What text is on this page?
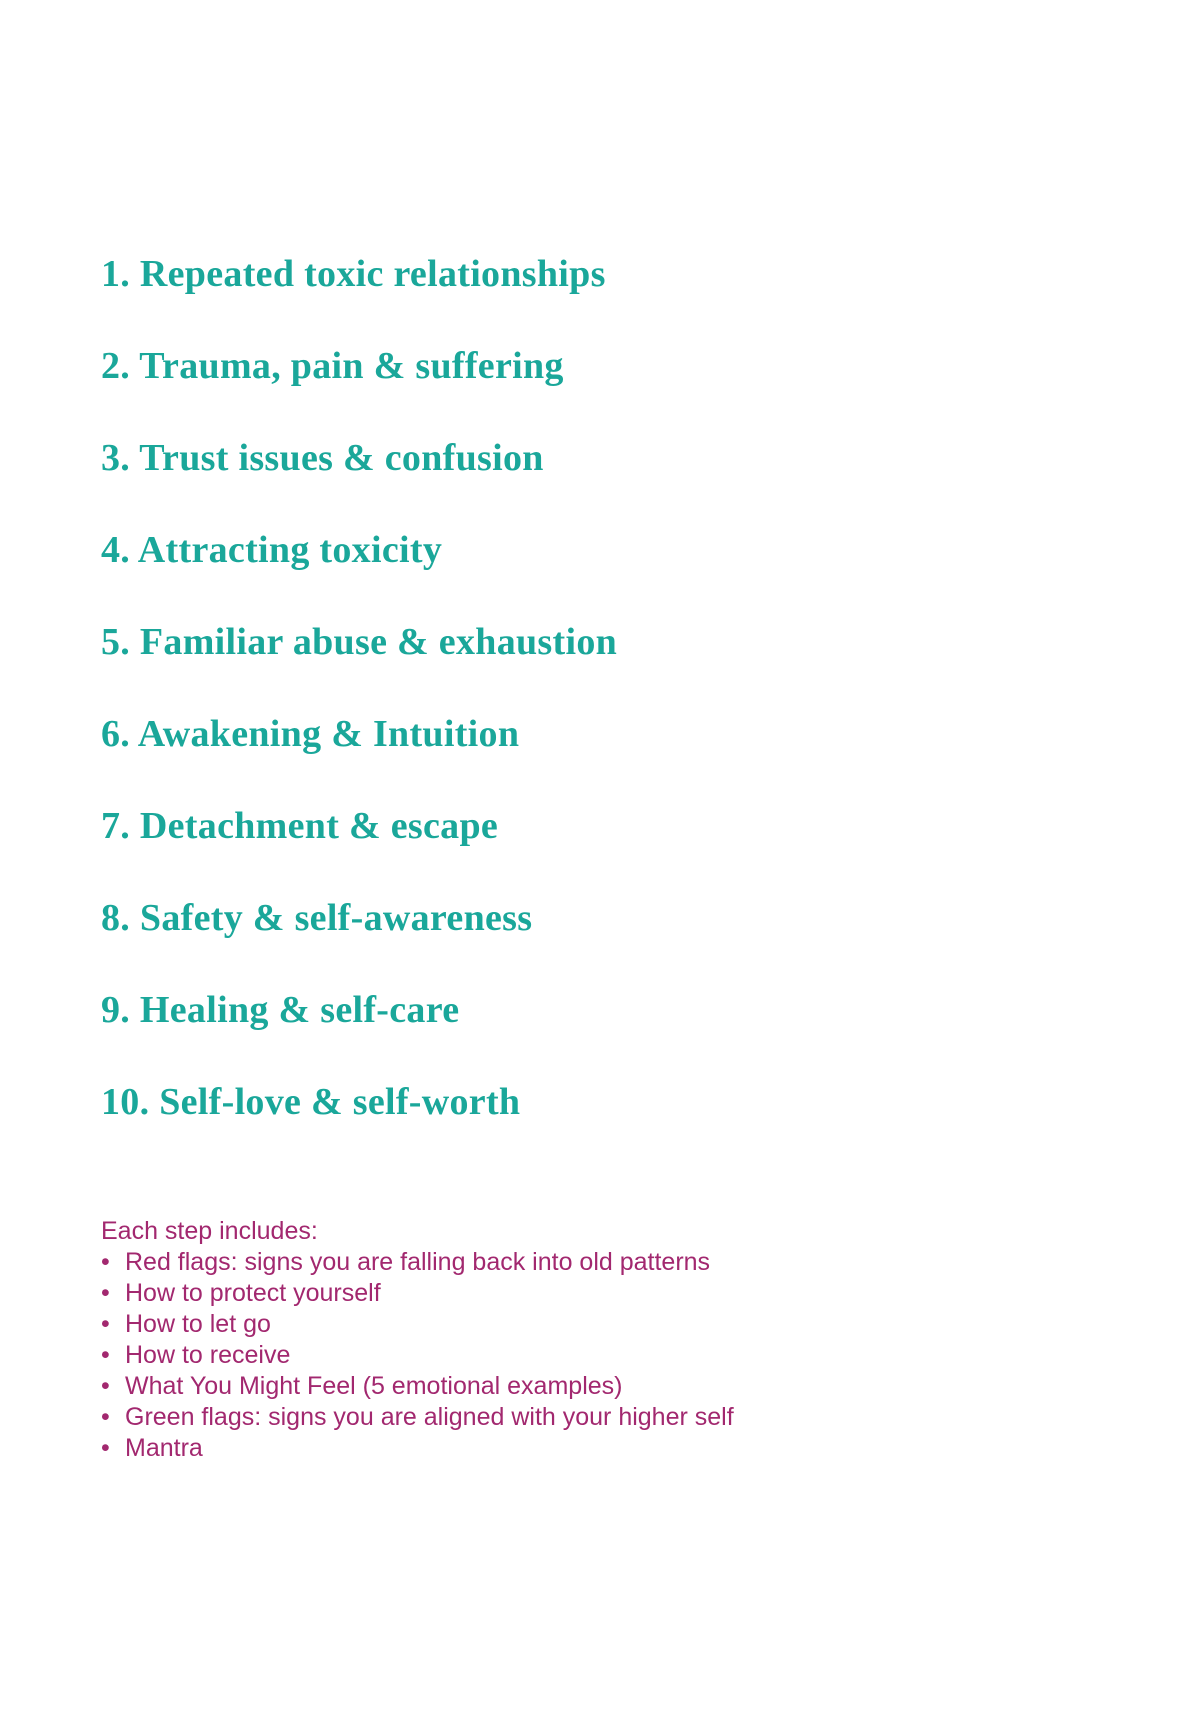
1. Repeated toxic relationships
2. Trauma, pain & suffering
3. Trust issues & confusion
4. Attracting toxicity
5. Familiar abuse & exhaustion
6. Awakening & Intuition
7. Detachment & escape
8. Safety & self-awareness
9. Healing & self-care
10. Self-love & self-worth

Each step includes:

• Red flags: signs you are falling back into old patterns
• How to protect yourself
• How to let go
• How to receive
• What You Might Feel (5 emotional examples)
• Green flags: signs you are aligned with your higher self
• Mantra
